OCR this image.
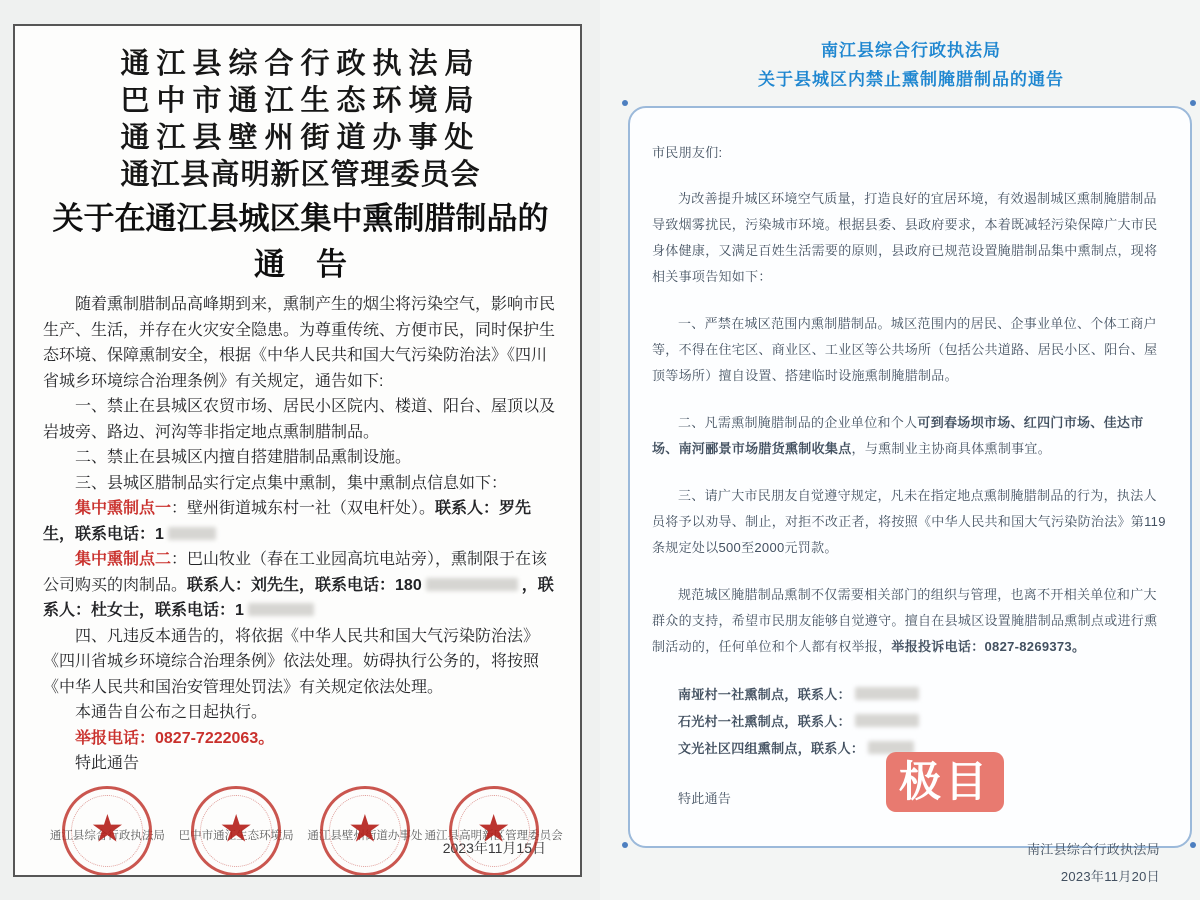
通江县综合行政执法局
巴中市通江生态环境局
通江县壁州街道办事处
通江县高明新区管理委员会
关于在通江县城区集中熏制腊制品的
通　告

随着熏制腊制品高峰期到来，熏制产生的烟尘将污染空气，影响市民生产、生活，并存在火灾安全隐患。为尊重传统、方便市民，同时保护生态环境、保障熏制安全，根据《中华人民共和国大气污染防治法》《四川省城乡环境综合治理条例》有关规定，通告如下:

一、禁止在县城区农贸市场、居民小区院内、楼道、阳台、屋顶以及岩坡旁、路边、河沟等非指定地点熏制腊制品。

二、禁止在县城区内擅自搭建腊制品熏制设施。

三、县城区腊制品实行定点集中熏制，集中熏制点信息如下：

集中熏制点一：壁州街道城东村一社（双电杆处）。联系人：罗先生，联系电话：1

集中熏制点二：巴山牧业（春在工业园高坑电站旁），熏制限于在该公司购买的肉制品。联系人：刘先生，联系电话：180	，联系人：杜女士，联系电话：1

四、凡违反本通告的，将依据《中华人民共和国大气污染防治法》《四川省城乡环境综合治理条例》依法处理。妨碍执行公务的，将按照《中华人民共和国治安管理处罚法》有关规定依法处理。

本通告自公布之日起执行。

举报电话：0827-7222063。

特此通告

通江县综合行政执法局
★	巴中市通江生态环境局
★	通江县壁州街道办事处
★	通江县高明新区管理委员会
★
2023年11月15日
南江县综合行政执法局
关于县城区内禁止熏制腌腊制品的通告
市民朋友们:

为改善提升城区环境空气质量，打造良好的宜居环境，有效遏制城区熏制腌腊制品导致烟雾扰民，污染城市环境。根据县委、县政府要求，本着既减轻污染保障广大市民身体健康，又满足百姓生活需要的原则，县政府已规范设置腌腊制品集中熏制点，现将相关事项告知如下：

一、严禁在城区范围内熏制腊制品。城区范围内的居民、企事业单位、个体工商户等，不得在住宅区、商业区、工业区等公共场所（包括公共道路、居民小区、阳台、屋顶等场所）擅自设置、搭建临时设施熏制腌腊制品。

二、凡需熏制腌腊制品的企业单位和个人可到春场坝市场、红四门市场、佳达市场、南河郦景市场腊货熏制收集点，与熏制业主协商具体熏制事宜。

三、请广大市民朋友自觉遵守规定，凡未在指定地点熏制腌腊制品的行为，执法人员将予以劝导、制止，对拒不改正者，将按照《中华人民共和国大气污染防治法》第119条规定处以500至2000元罚款。

规范城区腌腊制品熏制不仅需要相关部门的组织与管理，也离不开相关单位和广大群众的支持，希望市民朋友能够自觉遵守。擅自在县城区设置腌腊制品熏制点或进行熏制活动的，任何单位和个人都有权举报，举报投诉电话：0827-8269373。

南垭村一社熏制点，联系人：

石光村一社熏制点，联系人：

文光社区四组熏制点，联系人：

特此通告
南江县综合行政执法局
2023年11月20日
极目
